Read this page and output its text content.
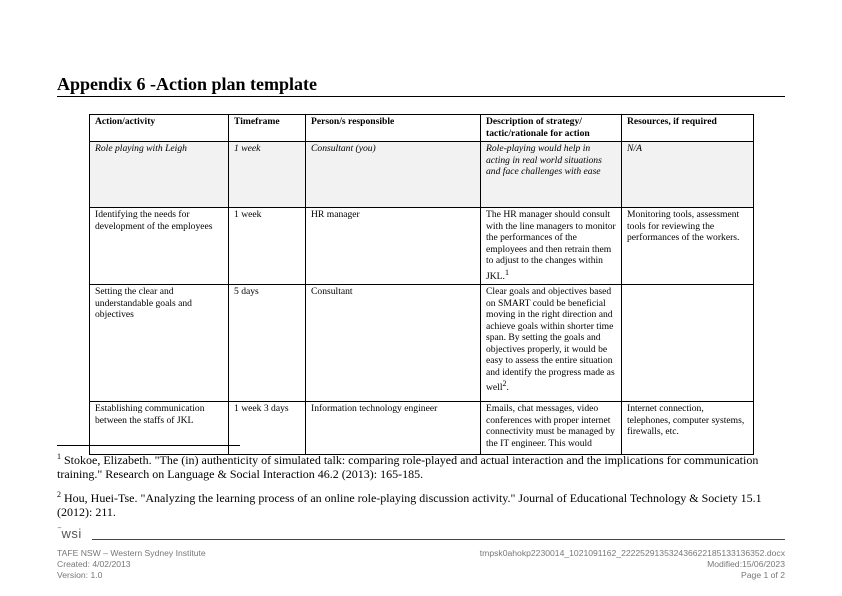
Appendix 6 -Action plan template
Action/activity	Timeframe	Person/s responsible	Description of strategy/ tactic/rationale for action	Resources, if required
Role playing with Leigh	1 week	Consultant (you)	Role-playing would help in acting in real world situations and face challenges with ease	N/A
Identifying the needs for development of the employees	1 week	HR manager	The HR manager should consult with the line managers to monitor the performances of the employees and then retrain them to adjust to the changes within JKL.$^1$	Monitoring tools, assessment tools for reviewing the performances of the workers.
Setting the clear and understandable goals and objectives	5 days	Consultant	Clear goals and objectives based on SMART could be beneficial moving in the right direction and achieve goals within shorter time span. By setting the goals and objectives properly, it would be easy to assess the entire situation and identify the progress made as well$^2$.	
Establishing communication between the staffs of JKL	1 week 3 days	Information technology engineer	Emails, chat messages, video conferences with proper internet connectivity must be managed by the IT engineer. This would	Internet connection, telephones, computer systems, firewalls, etc.
$^1$ Stokoe, Elizabeth. "The (in) authenticity of simulated talk: comparing role-played and actual interaction and the implications for communication training." Research on Language & Social Interaction 46.2 (2013): 165-185.
$^2$ Hou, Huei-Tse. "Analyzing the learning process of an online role-playing discussion activity." Journal of Educational Technology & Society 15.1 (2012): 211.
‾wsi
TAFE NSW – Western Sydney Institute
Created: 4/02/2013
Version: 1.0
tmpsk0ahokp2230014_1021091162_222252913532436622185133136352.docx
Modified:15/06/2023
Page 1 of 2
